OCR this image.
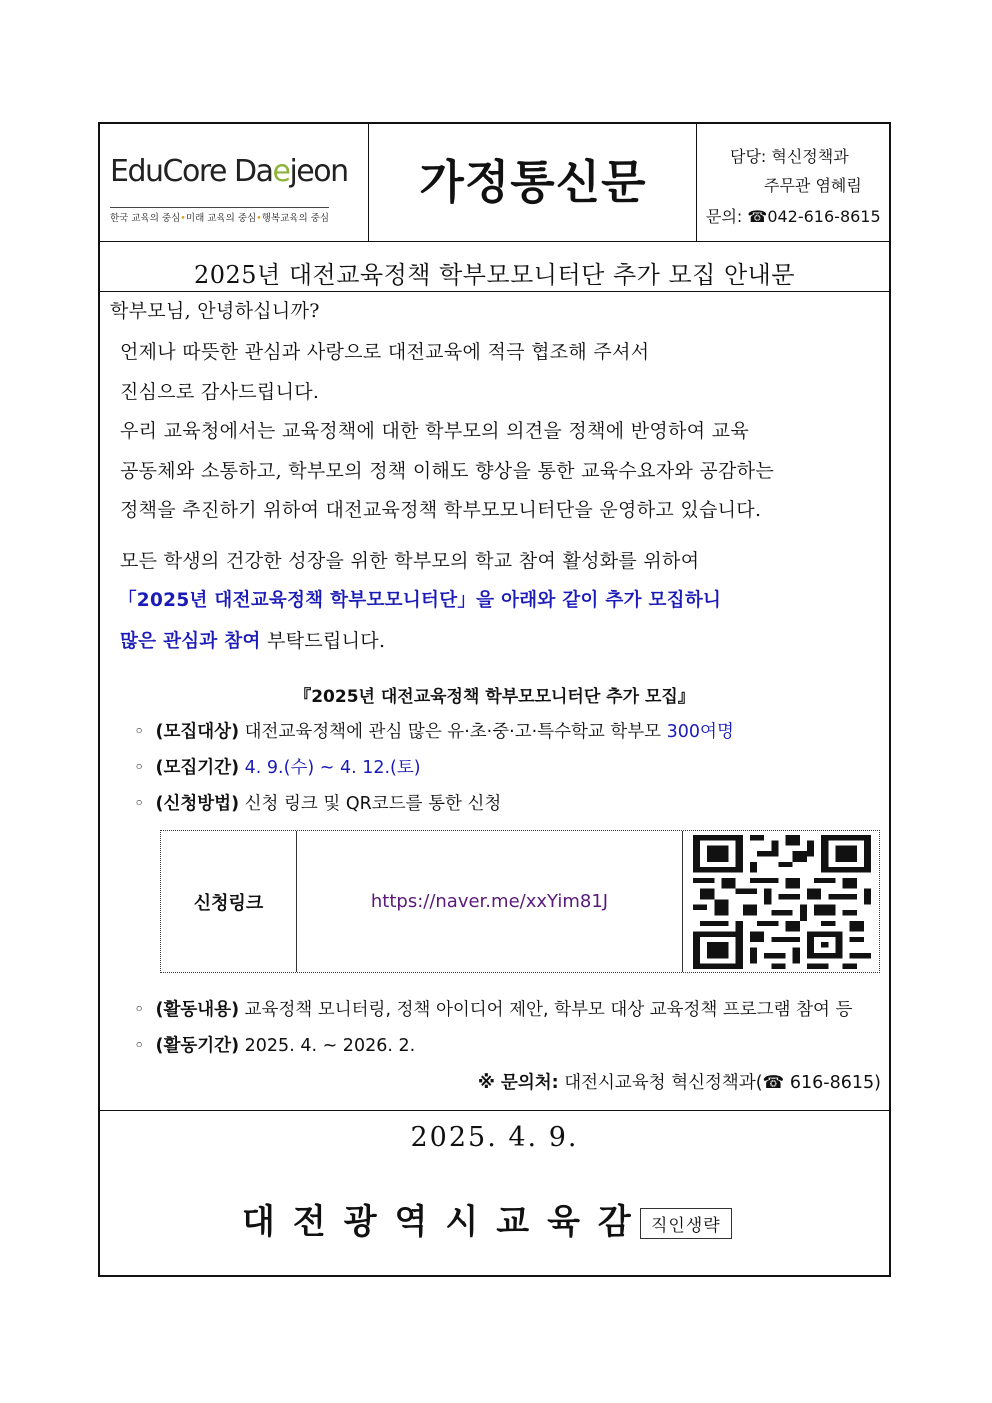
EduCore Daejeon
한국 교육의 중심•미래 교육의 중심•행복교육의 중심
가정통신문	담당: 혁신정책과
주무관 염혜림
문의: ☎042-616-8615
2025년 대전교육정책 학부모모니터단 추가 모집 안내문
학부모님, 안녕하십니까?
언제나 따뜻한 관심과 사랑으로 대전교육에 적극 협조해 주셔서
진심으로 감사드립니다.
우리 교육청에서는 교육정책에 대한 학부모의 의견을 정책에 반영하여 교육
공동체와 소통하고, 학부모의 정책 이해도 향상을 통한 교육수요자와 공감하는
정책을 추진하기 위하여 대전교육정책 학부모모니터단을 운영하고 있습니다.
모든 학생의 건강한 성장을 위한 학부모의 학교 참여 활성화를 위하여
「2025년 대전교육정책 학부모모니터단」을 아래와 같이 추가 모집하니
많은 관심과 참여 부탁드립니다.
『2025년 대전교육정책 학부모모니터단 추가 모집』
◦ (모집대상) 대전교육정책에 관심 많은 유·초·중·고·특수학교 학부모 300여명
◦ (모집기간) 4. 9.(수) ~ 4. 12.(토)
◦ (신청방법) 신청 링크 및 QR코드를 통한 신청
신청링크	https://naver.me/xxYim81J
◦ (활동내용) 교육정책 모니터링, 정책 아이디어 제안, 학부모 대상 교육정책 프로그램 참여 등
◦ (활동기간) 2025. 4. ~ 2026. 2.
※ 문의처: 대전시교육청 혁신정책과(☎ 616-8615)
2025. 4. 9.
대전광역시교육감 직인생략
